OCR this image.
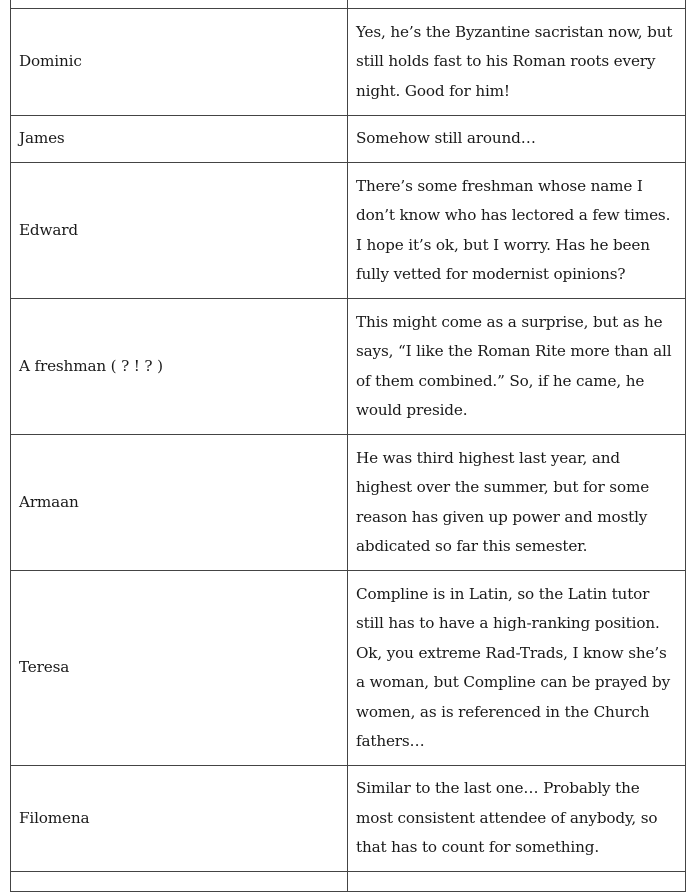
Dominic	Yes, he’s the Byzantine sacristan now, but still holds fast to his Roman roots every night. Good for him!
James	Somehow still around…
Edward	There’s some freshman whose name I don’t know who has lectored a few times. I hope it’s ok, but I worry. Has he been fully vetted for modernist opinions?
A freshman ( ? ! ? )	This might come as a surprise, but as he says, “I like the Roman Rite more than all of them combined.” So, if he came, he would preside.
Armaan	He was third highest last year, and highest over the summer, but for some reason has given up power and mostly abdicated so far this semester.
Teresa	Compline is in Latin, so the Latin tutor still has to have a high-ranking position. Ok, you extreme Rad-Trads, I know she’s a woman, but Compline can be prayed by women, as is referenced in the Church fathers…
Filomena	Similar to the last one… Probably the most consistent attendee of anybody, so that has to count for something.
